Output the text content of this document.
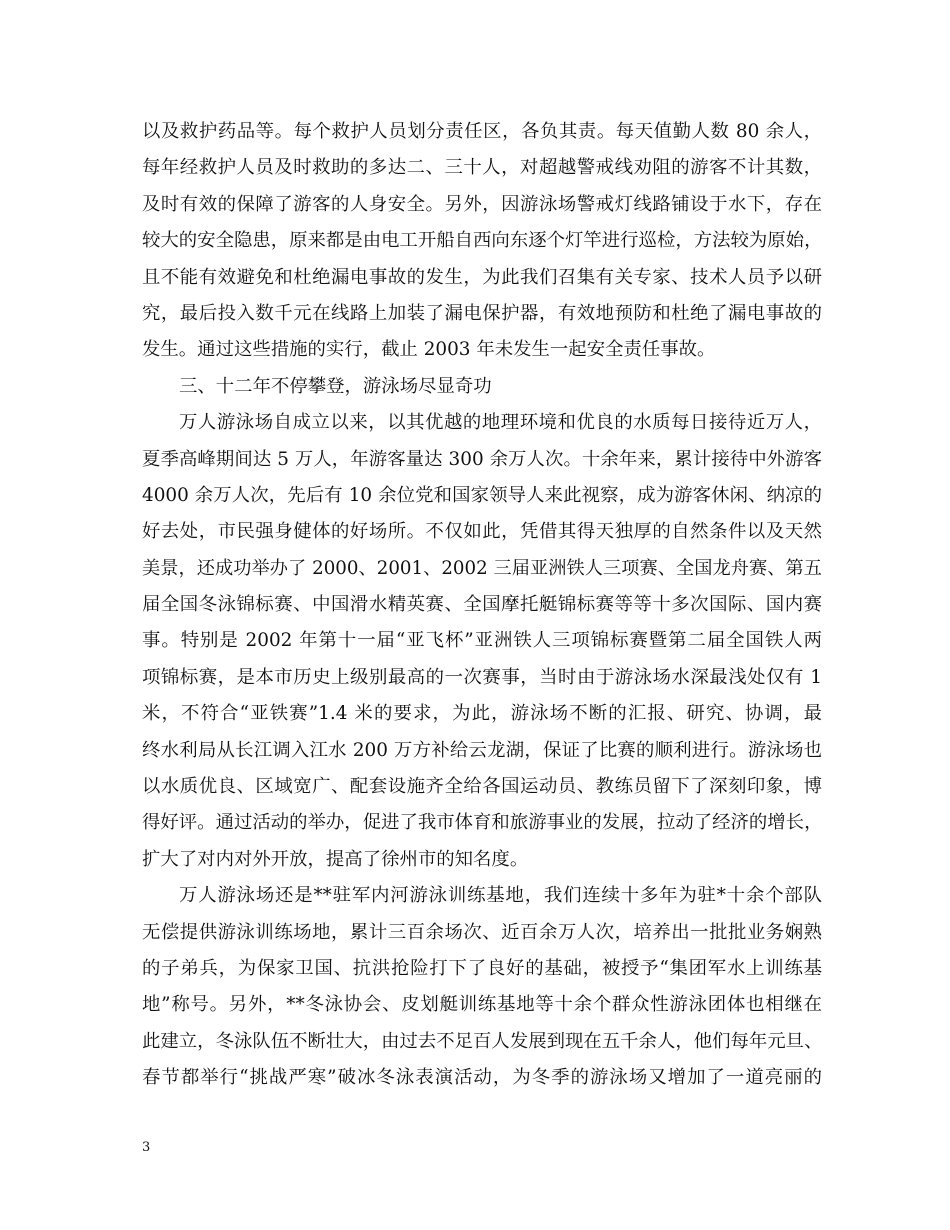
以及救护药品等。每个救护人员划分责任区，各负其责。每天值勤人数 80 余人，
每年经救护人员及时救助的多达二、三十人，对超越警戒线劝阻的游客不计其数，
及时有效的保障了游客的人身安全。另外，因游泳场警戒灯线路铺设于水下，存在
较大的安全隐患，原来都是由电工开船自西向东逐个灯竿进行巡检，方法较为原始，
且不能有效避免和杜绝漏电事故的发生，为此我们召集有关专家、技术人员予以研
究，最后投入数千元在线路上加装了漏电保护器，有效地预防和杜绝了漏电事故的
发生。通过这些措施的实行，截止 2003 年未发生一起安全责任事故。
三、十二年不停攀登，游泳场尽显奇功
万人游泳场自成立以来，以其优越的地理环境和优良的水质每日接待近万人，
夏季高峰期间达 5 万人，年游客量达 300 余万人次。十余年来，累计接待中外游客
4000 余万人次，先后有 10 余位党和国家领导人来此视察，成为游客休闲、纳凉的
好去处，市民强身健体的好场所。不仅如此，凭借其得天独厚的自然条件以及天然
美景，还成功举办了 2000、2001、2002 三届亚洲铁人三项赛、全国龙舟赛、第五
届全国冬泳锦标赛、中国滑水精英赛、全国摩托艇锦标赛等等十多次国际、国内赛
事。特别是 2002 年第十一届“亚飞杯”亚洲铁人三项锦标赛暨第二届全国铁人两
项锦标赛，是本市历史上级别最高的一次赛事，当时由于游泳场水深最浅处仅有 1
米，不符合“亚铁赛”1.4 米的要求，为此，游泳场不断的汇报、研究、协调，最
终水利局从长江调入江水 200 万方补给云龙湖，保证了比赛的顺利进行。游泳场也
以水质优良、区域宽广、配套设施齐全给各国运动员、教练员留下了深刻印象，博
得好评。通过活动的举办，促进了我市体育和旅游事业的发展，拉动了经济的增长，
扩大了对内对外开放，提高了徐州市的知名度。
万人游泳场还是**驻军内河游泳训练基地，我们连续十多年为驻*十余个部队
无偿提供游泳训练场地，累计三百余场次、近百余万人次，培养出一批批业务娴熟
的子弟兵，为保家卫国、抗洪抢险打下了良好的基础，被授予“集团军水上训练基
地”称号。另外，**冬泳协会、皮划艇训练基地等十余个群众性游泳团体也相继在
此建立，冬泳队伍不断壮大，由过去不足百人发展到现在五千余人，他们每年元旦、
春节都举行“挑战严寒”破冰冬泳表演活动，为冬季的游泳场又增加了一道亮丽的
3
